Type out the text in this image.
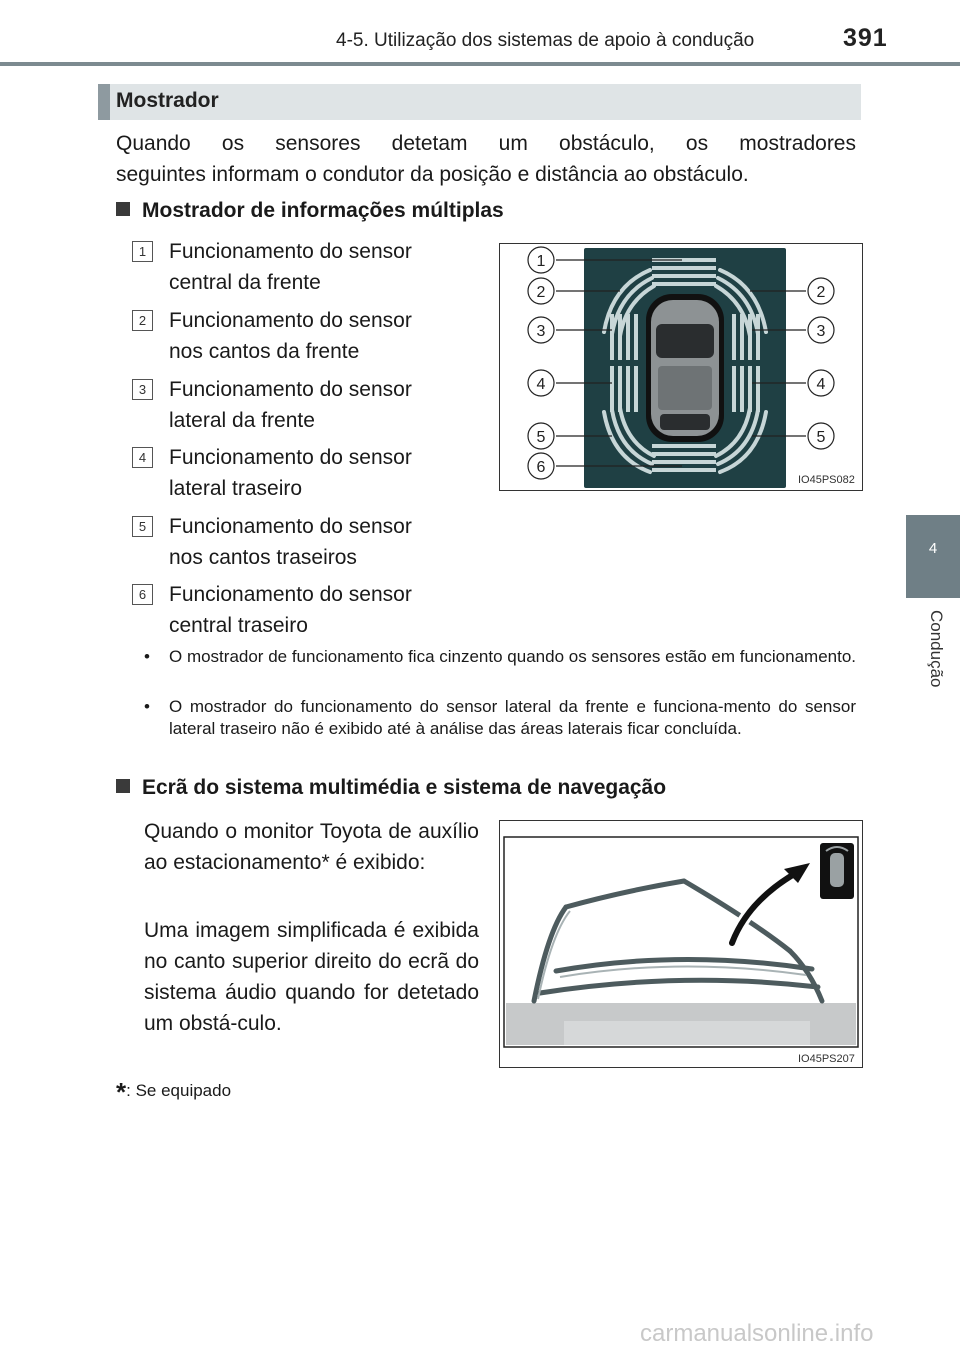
4-5. Utilização dos sistemas de apoio à condução	391
4
Condução
Mostrador
Quando os sensores detetam um obstáculo, os mostradores
seguintes informam o condutor da posição e distância ao obstáculo.
Mostrador de informações múltiplas
1	Funcionamento do sensor
central da frente
2	Funcionamento do sensor
nos cantos da frente
3	Funcionamento do sensor
lateral da frente
4	Funcionamento do sensor
lateral traseiro
5	Funcionamento do sensor
nos cantos traseiros
6	Funcionamento do sensor
central traseiro
1
2
3
4
5
6
2
3
4
5
IO45PS082
•	O mostrador de funcionamento fica cinzento quando os sensores estão em funcionamento.
•	O mostrador do funcionamento do sensor lateral da frente e funciona-mento do sensor lateral traseiro não é exibido até à análise das áreas laterais ficar concluída.
Ecrã do sistema multimédia e sistema de navegação
Quando o monitor Toyota de auxílio ao estacionamento* é exibido:
Uma imagem simplificada é exibida no canto superior direito do ecrã do sistema áudio quando for detetado um obstá-culo.
IO45PS207
*: Se equipado
carmanualsonline.info
